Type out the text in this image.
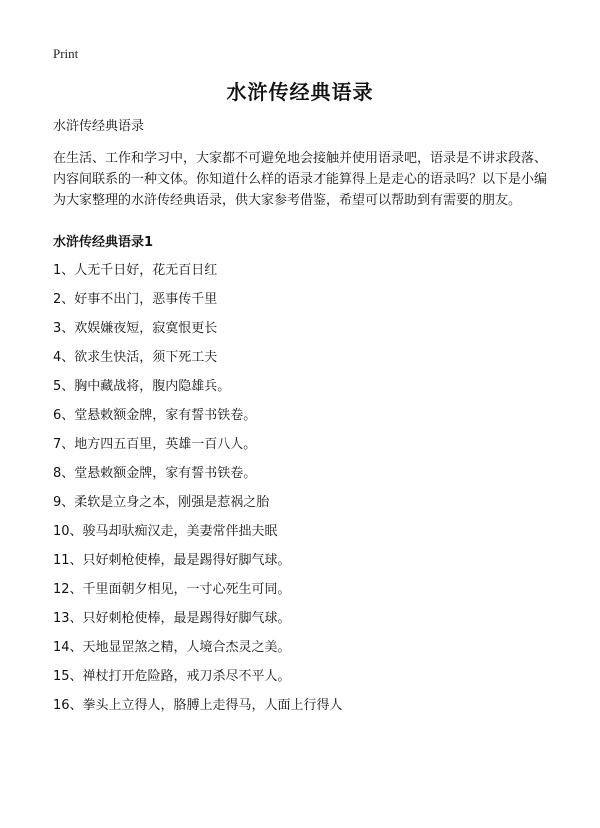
Print
水浒传经典语录
水浒传经典语录

在生活、工作和学习中，大家都不可避免地会接触并使用语录吧，语录是不讲求段落、内容间联系的一种文体。你知道什么样的语录才能算得上是走心的语录吗？以下是小编为大家整理的水浒传经典语录，供大家参考借鉴，希望可以帮助到有需要的朋友。

水浒传经典语录1
1、人无千日好，花无百日红
2、好事不出门，恶事传千里
3、欢娱嫌夜短，寂寞恨更长
4、欲求生快活，须下死工夫
5、胸中藏战将，腹内隐雄兵。
6、堂悬敕额金牌，家有誓书铁卷。
7、地方四五百里，英雄一百八人。
8、堂悬敕额金牌，家有誓书铁卷。
9、柔软是立身之本，刚强是惹祸之胎
10、骏马却驮痴汉走，美妻常伴拙夫眠
11、只好刺枪使棒，最是踢得好脚气球。
12、千里面朝夕相见，一寸心死生可同。
13、只好刺枪使棒，最是踢得好脚气球。
14、天地显罡煞之精，人境合杰灵之美。
15、禅杖打开危险路，戒刀杀尽不平人。
16、拳头上立得人，胳膊上走得马，人面上行得人
